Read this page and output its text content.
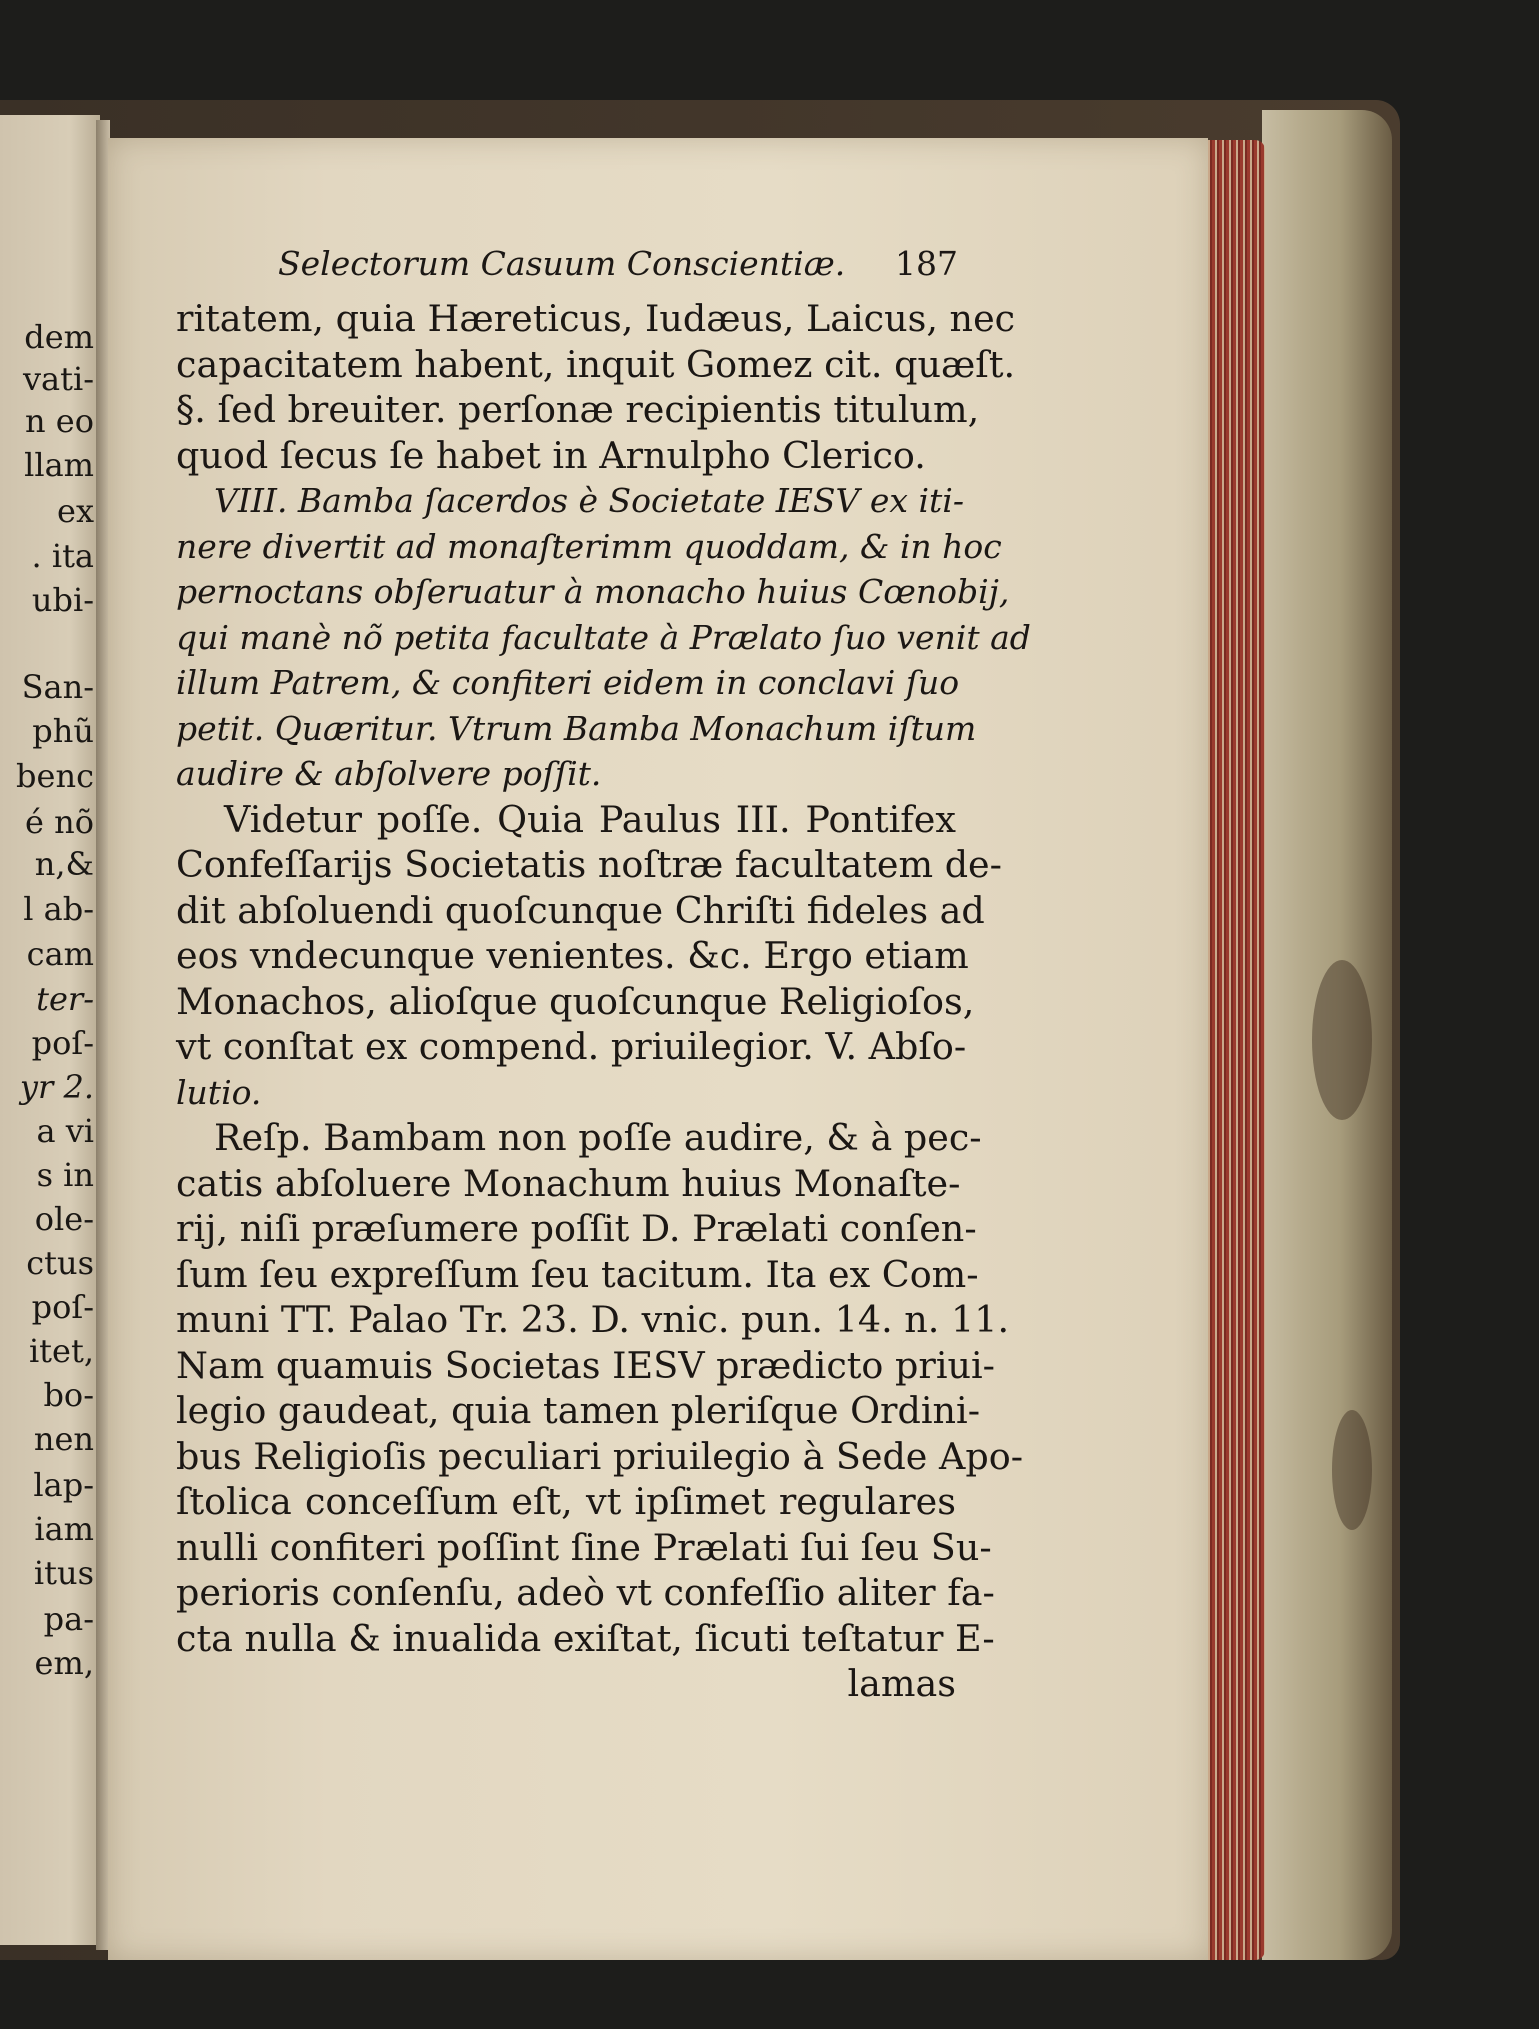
dem
vati-
n eo
llam
ex
. ita
ubi-
San-
phũ
benc
é nõ
n,&
l ab-
cam
ter-
poſ-
yr 2.
a vi
s in
ole-
ctus
poſ-
itet,
bo-
nen
lap-
iam
itus
pa-
em,
Selectorum Casuum Conscientiæ. 187
ritatem, quia Hæreticus, Iudæus, Laicus, nec
capacitatem habent, inquit Gomez cit. quæſt.
§. ſed breuiter. perſonæ recipientis titulum,
quod ſecus ſe habet in Arnulpho Clerico.
VIII. Bamba ſacerdos è Societate IESV ex iti-
nere divertit ad monaſterimm quoddam, & in hoc
pernoctans obſeruatur à monacho huius Cœnobij,
qui manè nõ petita facultate à Prælato ſuo venit ad
illum Patrem, & confiteri eidem in conclavi ſuo
petit. Quæritur. Vtrum Bamba Monachum iſtum
audire & abſolvere poſſit.
Videtur poſſe. Quia Paulus III. Pontifex
Confeſſarijs Societatis noſtræ facultatem de-
dit abſoluendi quoſcunque Chriſti fideles ad
eos vndecunque venientes. &c. Ergo etiam
Monachos, alioſque quoſcunque Religioſos,
vt conſtat ex compend. priuilegior. V. Abſo-
lutio.
Reſp. Bambam non poſſe audire, & à pec-
catis abſoluere Monachum huius Monaſte-
rij, niſi præſumere poſſit D. Prælati conſen-
ſum ſeu expreſſum ſeu tacitum. Ita ex Com-
muni TT. Palao Tr. 23. D. vnic. pun. 14. n. 11.
Nam quamuis Societas IESV prædicto priui-
legio gaudeat, quia tamen pleriſque Ordini-
bus Religioſis peculiari priuilegio à Sede Apo-
ſtolica conceſſum eſt, vt ipſimet regulares
nulli confiteri poſſint ſine Prælati ſui ſeu Su-
perioris conſenſu, adeò vt confeſſio aliter fa-
cta nulla & inualida exiſtat, ſicuti teſtatur E-
lamas
